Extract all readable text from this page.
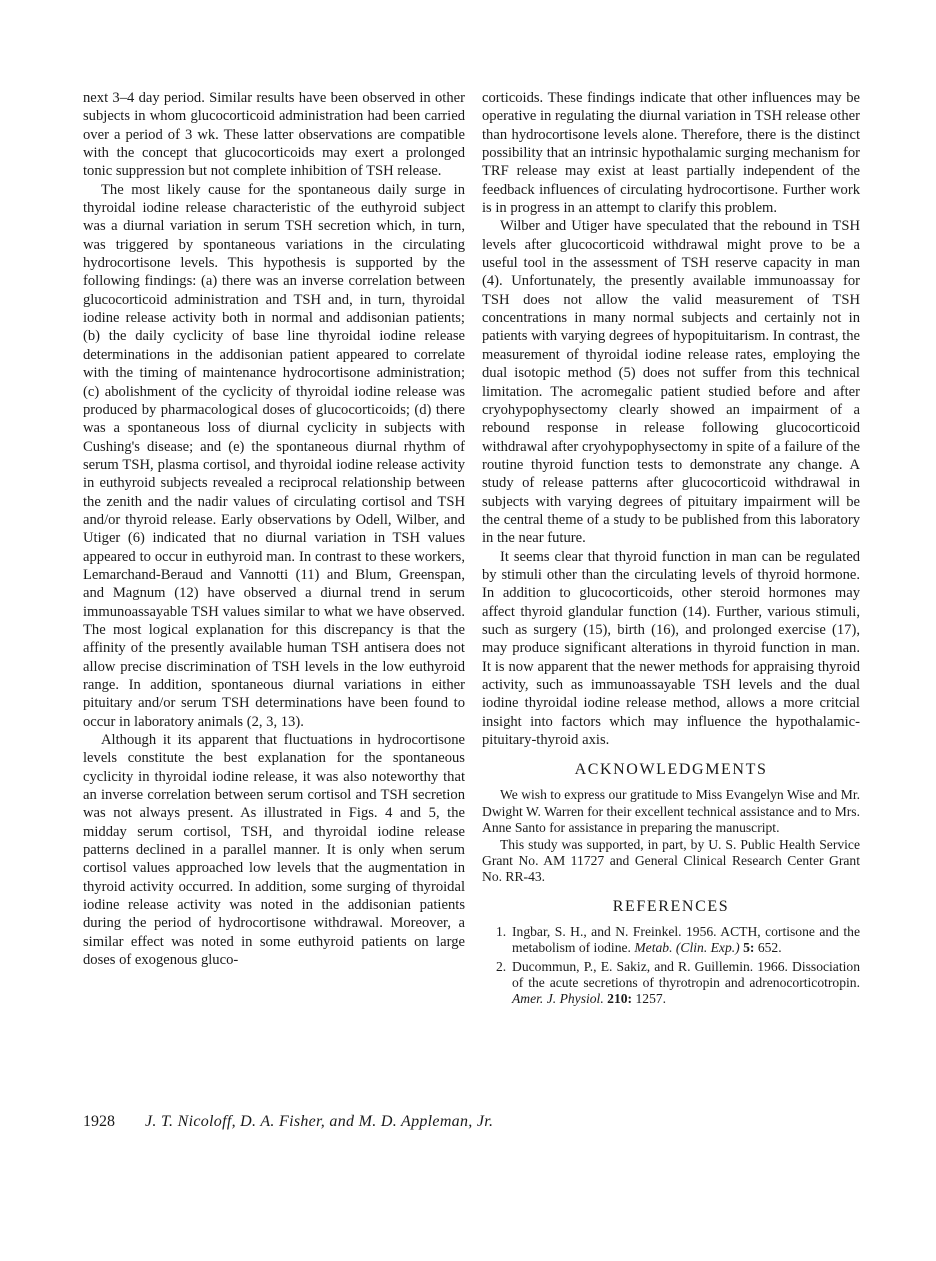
next 3–4 day period. Similar results have been observed in other subjects in whom glucocorticoid administration had been carried over a period of 3 wk. These latter observations are compatible with the concept that glucocorticoids may exert a prolonged tonic suppression but not complete inhibition of TSH release.

The most likely cause for the spontaneous daily surge in thyroidal iodine release characteristic of the euthyroid subject was a diurnal variation in serum TSH secretion which, in turn, was triggered by spontaneous variations in the circulating hydrocortisone levels. This hypothesis is supported by the following findings: (a) there was an inverse correlation between glucocorticoid administration and TSH and, in turn, thyroidal iodine release activity both in normal and addisonian patients; (b) the daily cyclicity of base line thyroidal iodine release determinations in the addisonian patient appeared to correlate with the timing of maintenance hydrocortisone administration; (c) abolishment of the cyclicity of thyroidal iodine release was produced by pharmacological doses of glucocorticoids; (d) there was a spontaneous loss of diurnal cyclicity in subjects with Cushing's disease; and (e) the spontaneous diurnal rhythm of serum TSH, plasma cortisol, and thyroidal iodine release activity in euthyroid subjects revealed a reciprocal relationship between the zenith and the nadir values of circulating cortisol and TSH and/or thyroid release. Early observations by Odell, Wilber, and Utiger (6) indicated that no diurnal variation in TSH values appeared to occur in euthyroid man. In contrast to these workers, Lemarchand-Beraud and Vannotti (11) and Blum, Greenspan, and Magnum (12) have observed a diurnal trend in serum immunoassayable TSH values similar to what we have observed. The most logical explanation for this discrepancy is that the affinity of the presently available human TSH antisera does not allow precise discrimination of TSH levels in the low euthyroid range. In addition, spontaneous diurnal variations in either pituitary and/or serum TSH determinations have been found to occur in laboratory animals (2, 3, 13).

Although it its apparent that fluctuations in hydrocortisone levels constitute the best explanation for the spontaneous cyclicity in thyroidal iodine release, it was also noteworthy that an inverse correlation between serum cortisol and TSH secretion was not always present. As illustrated in Figs. 4 and 5, the midday serum cortisol, TSH, and thyroidal iodine release patterns declined in a parallel manner. It is only when serum cortisol values approached low levels that the augmentation in thyroid activity occurred. In addition, some surging of thyroidal iodine release activity was noted in the addisonian patients during the period of hydrocortisone withdrawal. Moreover, a similar effect was noted in some euthyroid patients on large doses of exogenous gluco-

corticoids. These findings indicate that other influences may be operative in regulating the diurnal variation in TSH release other than hydrocortisone levels alone. Therefore, there is the distinct possibility that an intrinsic hypothalamic surging mechanism for TRF release may exist at least partially independent of the feedback influences of circulating hydrocortisone. Further work is in progress in an attempt to clarify this problem.

Wilber and Utiger have speculated that the rebound in TSH levels after glucocorticoid withdrawal might prove to be a useful tool in the assessment of TSH reserve capacity in man (4). Unfortunately, the presently available immunoassay for TSH does not allow the valid measurement of TSH concentrations in many normal subjects and certainly not in patients with varying degrees of hypopituitarism. In contrast, the measurement of thyroidal iodine release rates, employing the dual isotopic method (5) does not suffer from this technical limitation. The acromegalic patient studied before and after cryohypophysectomy clearly showed an impairment of a rebound response in release following glucocorticoid withdrawal after cryohypophysectomy in spite of a failure of the routine thyroid function tests to demonstrate any change. A study of release patterns after glucocorticoid withdrawal in subjects with varying degrees of pituitary impairment will be the central theme of a study to be published from this laboratory in the near future.

It seems clear that thyroid function in man can be regulated by stimuli other than the circulating levels of thyroid hormone. In addition to glucocorticoids, other steroid hormones may affect thyroid glandular function (14). Further, various stimuli, such as surgery (15), birth (16), and prolonged exercise (17), may produce significant alterations in thyroid function in man. It is now apparent that the newer methods for appraising thyroid activity, such as immunoassayable TSH levels and the dual iodine thyroidal iodine release method, allows a more critcial insight into factors which may influence the hypothalamic-pituitary-thyroid axis.

ACKNOWLEDGMENTS

We wish to express our gratitude to Miss Evangelyn Wise and Mr. Dwight W. Warren for their excellent technical assistance and to Mrs. Anne Santo for assistance in preparing the manuscript.

This study was supported, in part, by U. S. Public Health Service Grant No. AM 11727 and General Clinical Research Center Grant No. RR-43.

REFERENCES
1. Ingbar, S. H., and N. Freinkel. 1956. ACTH, cortisone and the metabolism of iodine. Metab. (Clin. Exp.) 5: 652.
2. Ducommun, P., E. Sakiz, and R. Guillemin. 1966. Dissociation of the acute secretions of thyrotropin and adrenocorticotropin. Amer. J. Physiol. 210: 1257.
1928 J. T. Nicoloff, D. A. Fisher, and M. D. Appleman, Jr.
